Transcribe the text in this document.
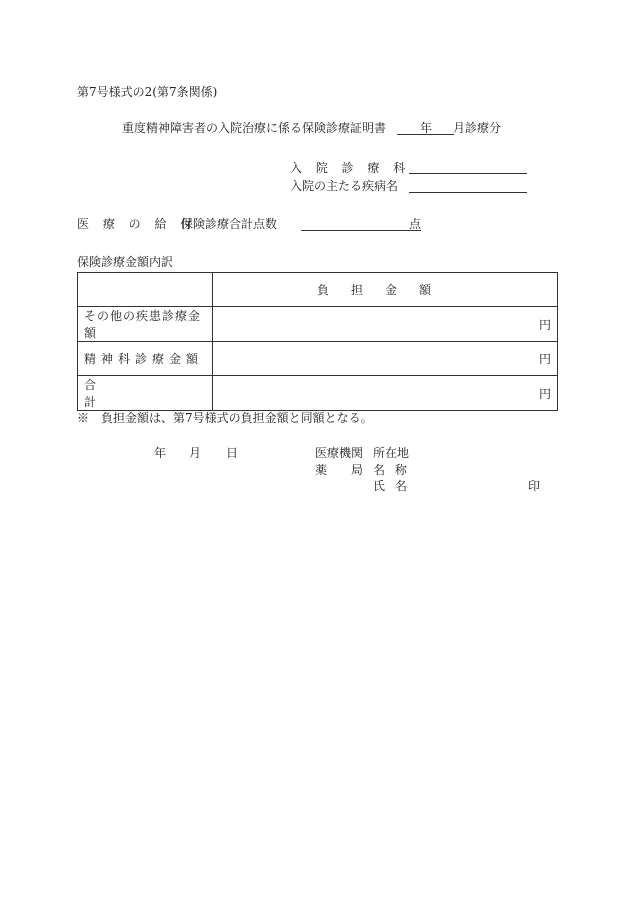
第7号様式の2(第7条関係)
重度精神障害者の入院治療に係る保険診療証明書	年 月診療分
入 院 診 療 科
入院の主たる疾病名
医 療 の 給 付
保険診療合計点数	点
保険診療金額内訳
	負担金額
その他の疾患診療金額	円
精神科診療金額	円
合計	円
※　負担金額は、第7号様式の負担金額と同額となる。
年 月 日	医療機関 所在地
薬　　局 名 称
氏 名	印
